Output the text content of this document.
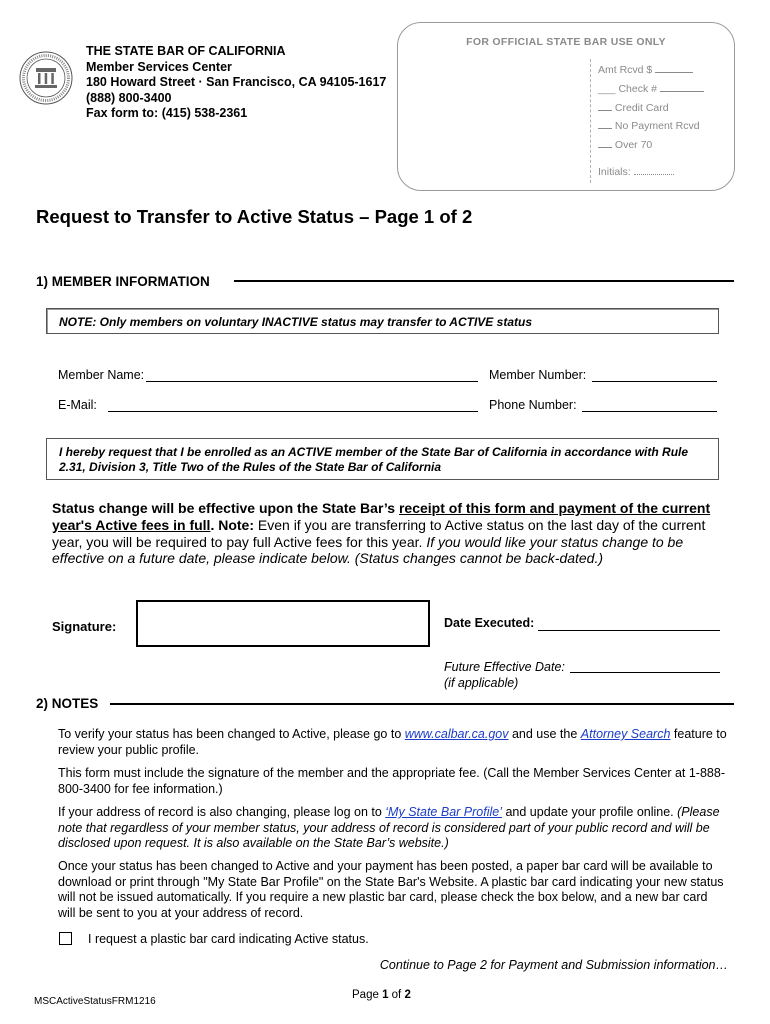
THE STATE BAR OF CALIFORNIA
Member Services Center
180 Howard Street · San Francisco, CA 94105-1617
(888) 800-3400
Fax form to: (415) 538-2361
FOR OFFICIAL STATE BAR USE ONLY
Amt Rcvd $
___ Check #
Credit Card
No Payment Rcvd
Over 70
Initials:
Request to Transfer to Active Status – Page 1 of 2
1) MEMBER INFORMATION
NOTE: Only members on voluntary INACTIVE status may transfer to ACTIVE status
Member Name:	Member Number:
E-Mail:	Phone Number:
I hereby request that I be enrolled as an ACTIVE member of the State Bar of California in accordance with Rule 2.31, Division 3, Title Two of the Rules of the State Bar of California
Status change will be effective upon the State Bar’s receipt of this form and payment of the current year's Active fees in full. Note: Even if you are transferring to Active status on the last day of the current year, you will be required to pay full Active fees for this year. If you would like your status change to be effective on a future date, please indicate below. (Status changes cannot be back-dated.)
Signature:	Date Executed:
Future Effective Date:
(if applicable)
2) NOTES
To verify your status has been changed to Active, please go to www.calbar.ca.gov and use the Attorney Search feature to review your public profile.
This form must include the signature of the member and the appropriate fee. (Call the Member Services Center at 1-888-800-3400 for fee information.)
If your address of record is also changing, please log on to ‘My State Bar Profile’ and update your profile online. (Please note that regardless of your member status, your address of record is considered part of your public record and will be disclosed upon request. It is also available on the State Bar’s website.)
Once your status has been changed to Active and your payment has been posted, a paper bar card will be available to download or print through "My State Bar Profile" on the State Bar's Website. A plastic bar card indicating your new status will not be issued automatically. If you require a new plastic bar card, please check the box below, and a new bar card will be sent to you at your address of record.
I request a plastic bar card indicating Active status.
Continue to Page 2 for Payment and Submission information…
MSCActiveStatusFRM1216
Page 1 of 2
